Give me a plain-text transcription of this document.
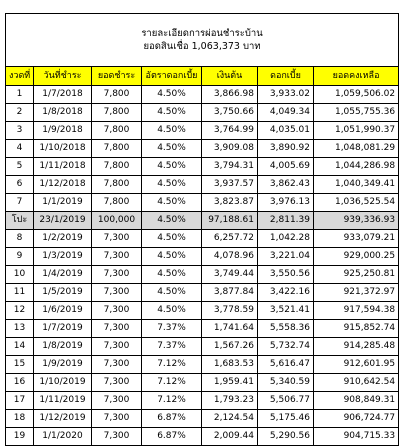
รายละเอียดการผ่อนชำระบ้าน
ยอดสินเชื่อ 1,063,373 บาท						

งวดที่	วันที่ชำระ	ยอดชำระ	อัตราดอกเบี้ย	เงินต้น	ดอกเบี้ย	ยอดคงเหลือ
1	1/7/2018	7,800	4.50%	3,866.98	3,933.02	1,059,506.02
2	1/8/2018	7,800	4.50%	3,750.66	4,049.34	1,055,755.36
3	1/9/2018	7,800	4.50%	3,764.99	4,035.01	1,051,990.37
4	1/10/2018	7,800	4.50%	3,909.08	3,890.92	1,048,081.29
5	1/11/2018	7,800	4.50%	3,794.31	4,005.69	1,044,286.98
6	1/12/2018	7,800	4.50%	3,937.57	3,862.43	1,040,349.41
7	1/1/2019	7,800	4.50%	3,823.87	3,976.13	1,036,525.54
โปะ	23/1/2019	100,000	4.50%	97,188.61	2,811.39	939,336.93
8	1/2/2019	7,300	4.50%	6,257.72	1,042.28	933,079.21
9	1/3/2019	7,300	4.50%	4,078.96	3,221.04	929,000.25
10	1/4/2019	7,300	4.50%	3,749.44	3,550.56	925,250.81
11	1/5/2019	7,300	4.50%	3,877.84	3,422.16	921,372.97
12	1/6/2019	7,300	4.50%	3,778.59	3,521.41	917,594.38
13	1/7/2019	7,300	7.37%	1,741.64	5,558.36	915,852.74
14	1/8/2019	7,300	7.37%	1,567.26	5,732.74	914,285.48
15	1/9/2019	7,300	7.12%	1,683.53	5,616.47	912,601.95
16	1/10/2019	7,300	7.12%	1,959.41	5,340.59	910,642.54
17	1/11/2019	7,300	7.12%	1,793.23	5,506.77	908,849.31
18	1/12/2019	7,300	6.87%	2,124.54	5,175.46	906,724.77
19	1/1/2020	7,300	6.87%	2,009.44	5,290.56	904,715.33
